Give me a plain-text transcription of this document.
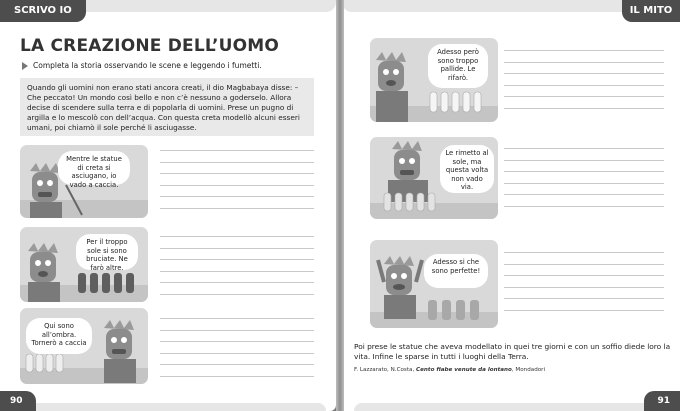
SCRIVO IO
LA CREAZIONE DELL’UOMO
Completa la storia osservando le scene e leggendo i fumetti.
Quando gli uomini non erano stati ancora creati, il dio Magbabaya disse: – Che peccato! Un mondo così bello e non c’è nessuno a goderselo. Allora decise di scendere sulla terra e di popolarla di uomini. Prese un pugno di argilla e lo mescolò con dell’acqua. Con questa creta modellò alcuni esseri umani, poi chiamò il sole perché li asciugasse.
Mentre le statue di creta si asciugano, io vado a caccia.
Per il troppo sole si sono bruciate. Ne farò altre.
Qui sono all’ombra. Tornerò a caccia
90
IL MITO
Adesso però sono troppo pallide. Le rifarò.
Le rimetto al sole, ma questa volta non vado via.
Adesso si che sono perfette!
Poi prese le statue che aveva modellato in quei tre giorni e con un soffio diede loro la vita. Infine le sparse in tutti i luoghi della Terra.
F. Lazzarato, N.Costa, Cento fiabe venute da lontano, Mondadori
91
